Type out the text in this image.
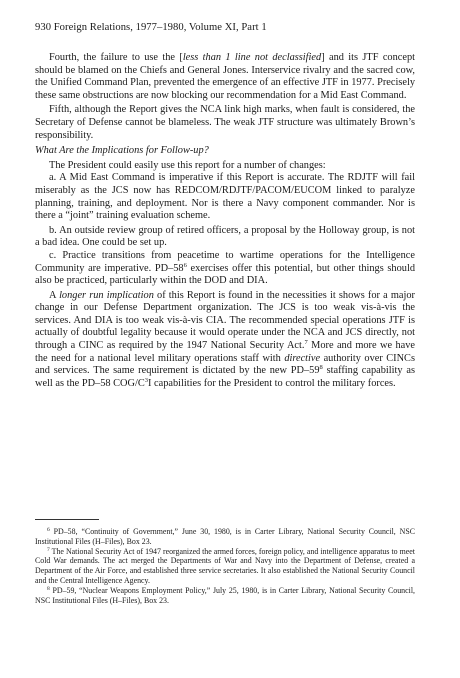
930 Foreign Relations, 1977–1980, Volume XI, Part 1

Fourth, the failure to use the [less than 1 line not declassified] and its JTF concept should be blamed on the Chiefs and General Jones. Interservice rivalry and the sacred cow, the Unified Command Plan, prevented the emergence of an effective JTF in 1977. Precisely these same obstructions are now blocking our recommendation for a Mid East Command.

Fifth, although the Report gives the NCA link high marks, when fault is considered, the Secretary of Defense cannot be blameless. The weak JTF structure was ultimately Brown’s responsibility.

What Are the Implications for Follow-up?

The President could easily use this report for a number of changes:

a. A Mid East Command is imperative if this Report is accurate. The RDJTF will fail miserably as the JCS now has REDCOM/RDJTF/PACOM/EUCOM linked to paralyze planning, training, and deployment. Nor is there a Navy component commander. Nor is there a “joint” training evaluation scheme.

b. An outside review group of retired officers, a proposal by the Holloway group, is not a bad idea. One could be set up.

c. Practice transitions from peacetime to wartime operations for the Intelligence Community are imperative. $PD-58^6$ exercises offer this potential, but other things should also be practiced, particularly within the DOD and DIA.

A longer run implication of this Report is found in the necessities it shows for a major change in our Defense Department organization. The JCS is too weak vis-à-vis the services. And DIA is too weak vis-à-vis CIA. The recommended special operations JTF is actually of doubtful legality because it would operate under the NCA and JCS directly, not through a CINC as required by the 1947 National Security Act.$^7$ More and more we have the need for a national level military operations staff with directive authority over CINCs and services. The same requirement is dictated by the new $PD-59^8$ staffing capability as well as the PD–58 COG/$C^3I$ capabilities for the President to control the military forces.

$^6$ PD–58, “Continuity of Government,” June 30, 1980, is in Carter Library, National Security Council, NSC Institutional Files (H–Files), Box 23.

$^7$ The National Security Act of 1947 reorganized the armed forces, foreign policy, and intelligence apparatus to meet Cold War demands. The act merged the Departments of War and Navy into the Department of Defense, created a Department of the Air Force, and established three service secretaries. It also established the National Security Council and the Central Intelligence Agency.

$^8$ PD–59, “Nuclear Weapons Employment Policy,” July 25, 1980, is in Carter Library, National Security Council, NSC Institutional Files (H–Files), Box 23.
